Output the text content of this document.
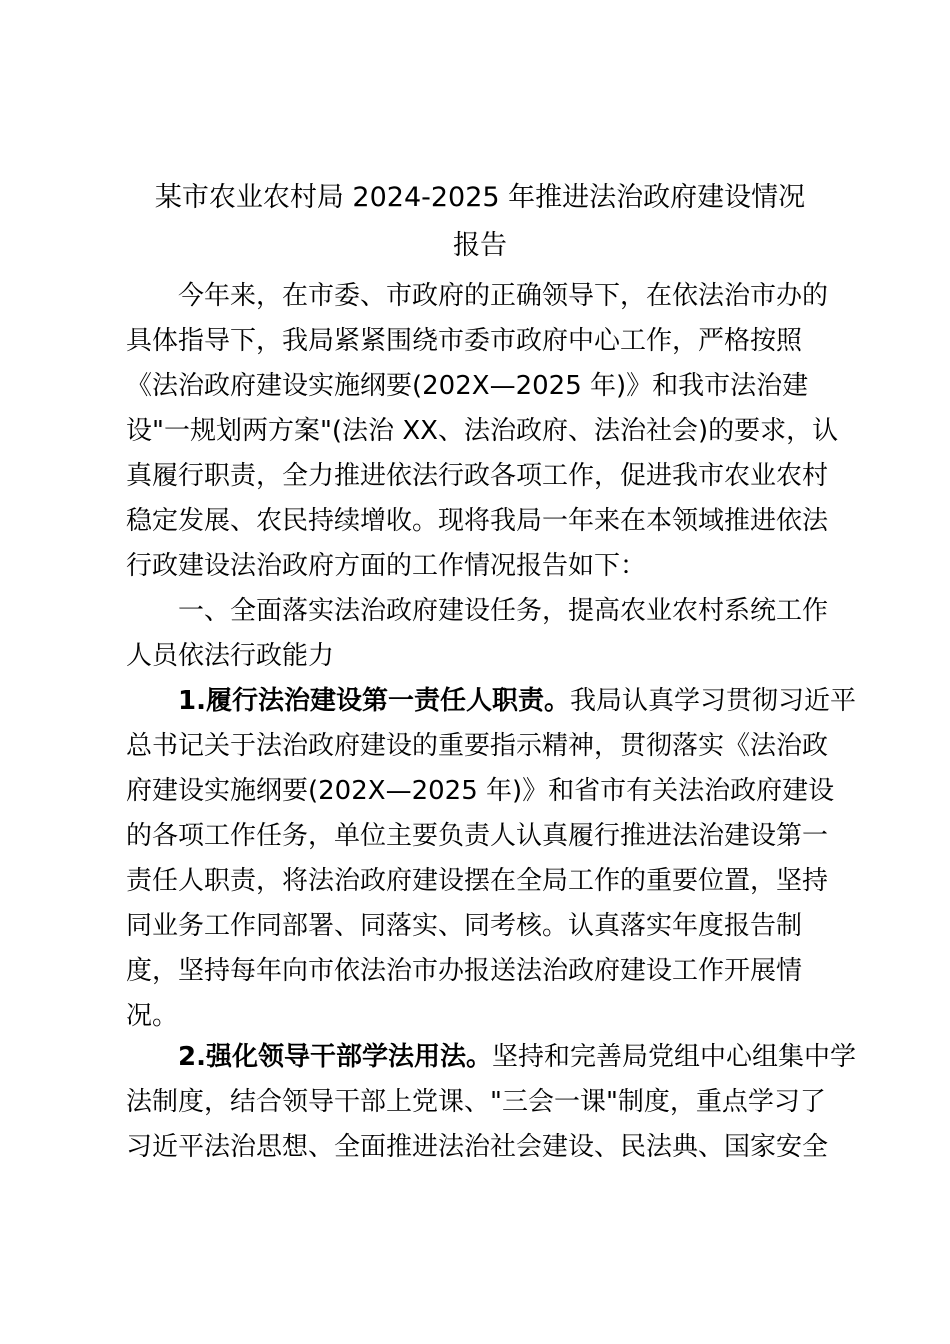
某市农业农村局 2024-2025 年推进法治政府建设情况
报告
今年来，在市委、市政府的正确领导下，在依法治市办的
具体指导下，我局紧紧围绕市委市政府中心工作，严格按照
《法治政府建设实施纲要(202X—2025 年)》和我市法治建
设"一规划两方案"(法治 XX、法治政府、法治社会)的要求，认
真履行职责，全力推进依法行政各项工作，促进我市农业农村
稳定发展、农民持续增收。现将我局一年来在本领域推进依法
行政建设法治政府方面的工作情况报告如下：
一、全面落实法治政府建设任务，提高农业农村系统工作
人员依法行政能力
1.履行法治建设第一责任人职责。我局认真学习贯彻习近平
总书记关于法治政府建设的重要指示精神，贯彻落实《法治政
府建设实施纲要(202X—2025 年)》和省市有关法治政府建设
的各项工作任务，单位主要负责人认真履行推进法治建设第一
责任人职责，将法治政府建设摆在全局工作的重要位置，坚持
同业务工作同部署、同落实、同考核。认真落实年度报告制
度，坚持每年向市依法治市办报送法治政府建设工作开展情
况。
2.强化领导干部学法用法。坚持和完善局党组中心组集中学
法制度，结合领导干部上党课、"三会一课"制度，重点学习了
习近平法治思想、全面推进法治社会建设、民法典、国家安全
